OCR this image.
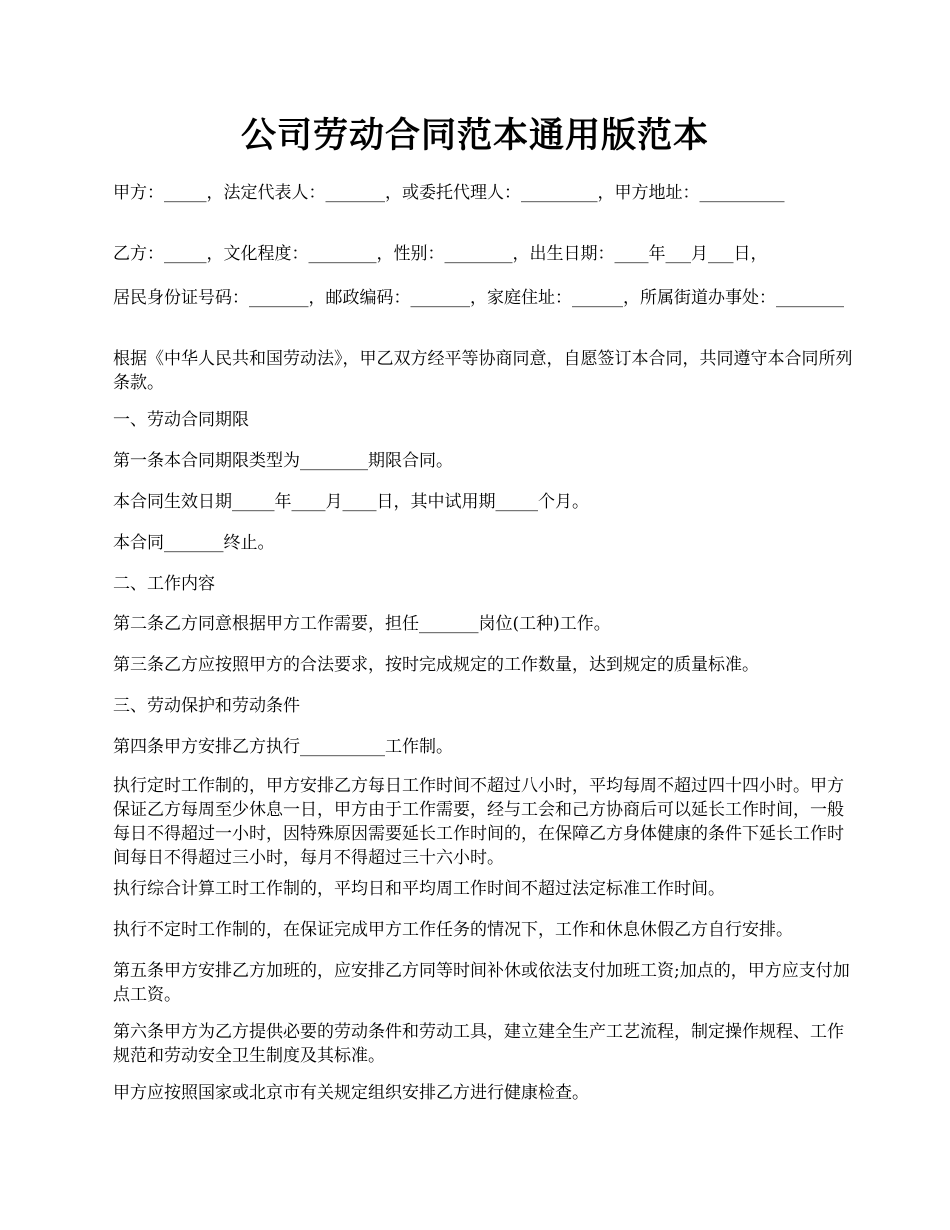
公司劳动合同范本通用版范本

甲方：_____，法定代表人：_______，或委托代理人：_________，甲方地址：__________

乙方：_____，文化程度：________，性别：________，出生日期：____年___月___日，

居民身份证号码：_______，邮政编码：_______，家庭住址：______，所属街道办事处：________

根据《中华人民共和国劳动法》，甲乙双方经平等协商同意，自愿签订本合同，共同遵守本合同所列条款。

一、劳动合同期限

第一条本合同期限类型为________期限合同。

本合同生效日期_____年____月____日，其中试用期_____个月。

本合同_______终止。

二、工作内容

第二条乙方同意根据甲方工作需要，担任_______岗位(工种)工作。

第三条乙方应按照甲方的合法要求，按时完成规定的工作数量，达到规定的质量标准。

三、劳动保护和劳动条件

第四条甲方安排乙方执行__________工作制。

执行定时工作制的，甲方安排乙方每日工作时间不超过八小时，平均每周不超过四十四小时。甲方保证乙方每周至少休息一日，甲方由于工作需要，经与工会和己方协商后可以延长工作时间，一般每日不得超过一小时，因特殊原因需要延长工作时间的，在保障乙方身体健康的条件下延长工作时间每日不得超过三小时，每月不得超过三十六小时。

执行综合计算工时工作制的，平均日和平均周工作时间不超过法定标准工作时间。

执行不定时工作制的，在保证完成甲方工作任务的情况下，工作和休息休假乙方自行安排。

第五条甲方安排乙方加班的，应安排乙方同等时间补休或依法支付加班工资;加点的，甲方应支付加点工资。

第六条甲方为乙方提供必要的劳动条件和劳动工具，建立建全生产工艺流程，制定操作规程、工作规范和劳动安全卫生制度及其标准。

甲方应按照国家或北京市有关规定组织安排乙方进行健康检查。
